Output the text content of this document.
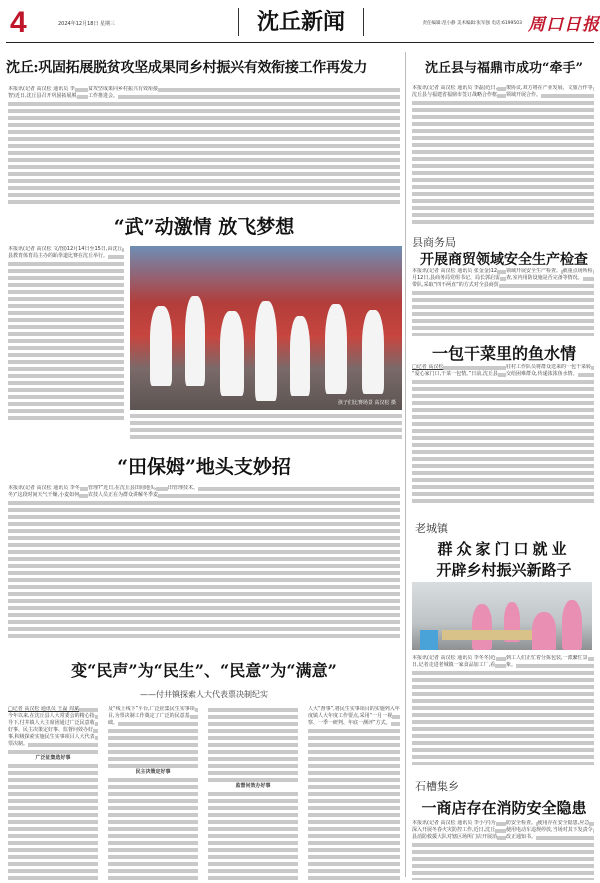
4	2024年12月18日 星期三	沈丘新闻	责任编辑:范小静 美术编辑:张军强 电话:6199503 周口日报
沈丘:巩固拓展脱贫攻坚成果同乡村振兴有效衔接工作再发力
本报讯(记者 高汉松 通讯员 李智)近日,沈丘县召开巩固拓展脱贫攻坚成果同乡村振兴有效衔接工作推进会。
“武”动激情 放飞梦想
本报讯(记者 高汉松 文/图)12月14日至15日,由沈丘县教育体育局主办的跆拳道比赛在沈丘举行。
孩子们比赛场景 高汉松 摄
“田保姆”地头支妙招
本报讯(记者 高汉松 通讯员 李冬冬)“这段时间天气干燥,小麦如何管理?”近日,在沈丘县田间地头,农技人员正在为群众讲解冬季麦田管理技术。
变“民声”为“民生”、“民意”为“满意”
——付井镇探索人大代表票决制纪实
□记者 高汉松 通讯员 王磊 周斌
今年以来,在沈丘县人大常委会的精心指导下,付井镇人大主席团通过广泛民意收好事、民主决策定好事、监督问效办好事,积极探索实施民生实事项目人大代表票决制。

广泛征集选好事
及“线上线下”平台,广泛征集民生实事项目,为票决制工作奠定了广泛的民意基础。

民主决策定好事

监督问效办好事
人大“督事”,将民生实事项目的实施列入年度镇人大年度工作要点,采用“一月一视察、一季一研判、年底一测评”方式。
沈丘县与福鼎市成功“牵手”
本报讯(记者 高汉松 通讯员 李磊)近日,沈丘县与福建省福鼎市签订战略合作框架协议,双方将在产业发展、文旅合作等领域开展合作。
县商务局
开展商贸领域安全生产检查
本报讯(记者 高汉松 通讯员 张金金)12月12日,县商务局党组书记、局长郭启雷带队,采取“四不两直”的方式对全县商贸领域开展安全生产检查。 就重点场所检查,室内用防设施是否完备等情况。
一包干菜里的鱼水情
□记者 高汉松
“爱心家门口,干菜一包情。”日前,沈丘县驻村工作队员将群众送来的一包干菜转交给困难群众,传递浓浓鱼水情。
老城镇
群众家门口就业
开辟乡村振兴新路子
本报讯(记者 高汉松 通讯员 李冬冬)近日,记者走进老城镇一家食品加工厂,看到工人们正忙着分拣包装,一派繁忙景象。
石槽集乡
一商店存在消防安全隐患
本报讯(记者 高汉松 通讯员 李小宇)为深入开展冬春火灾防控工作,近日,沈丘县消防救援大队对辖区场所门店开展消防安全检查。 使用存在安全隐患,应急使用电动车违规停放,当场对其下发责令改正通知书。
